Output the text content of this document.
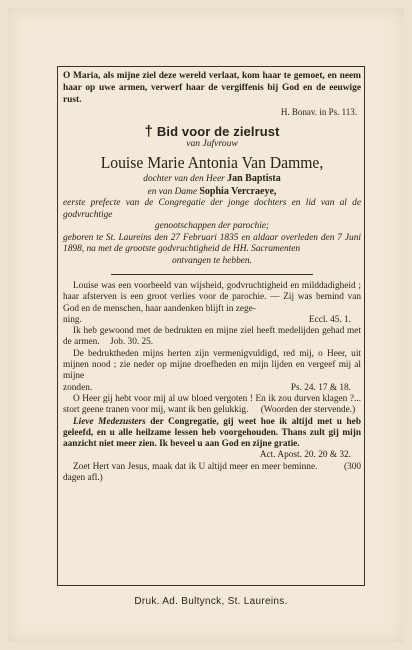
O Maria, als mijne ziel deze wereld verlaat, kom haar te gemoet, en neem haar op uwe armen, verwerf haar de vergiffenis bij God en de eeuwige rust.
H. Bonav. in Ps. 113.
† Bid voor de zielrust
van Jufvrouw
Louise Marie Antonia Van Damme,
dochter van den Heer Jan Baptista
en van Dame Sophia Vercraeye,
eerste prefecte van de Congregatie der jonge dochters en lid van al de godvruchtige
genootschappen der parochie;
geboren te St. Laureins den 27 Februari 1835 en aldaar overleden den 7 Juni 1898, na met de grootste godvruchtigheid de HH. Sacramenten
ontvangen te hebben.
Louise was een voorbeeld van wijsheid, godvruchtigheid en milddadigheid ; haar afsterven is een groot verlies voor de parochie. — Zij was bemind van God en de menschen, haar aandenken blijft in zege-
ning.	Eccl. 45. 1.
Ik heb gewoond met de bedrukten en mijne ziel heeft medelijden gehad met de armen. Job. 30. 25.
De bedruktheden mijns herten zijn vermenigvuldigd, red mij, o Heer, uit mijnen nood ; zie neder op mijne droefheden en mijn lijden en vergeef mij al mijne
zonden.	Ps. 24. 17 & 18.
O Heer gij hebt voor mij al uw bloed vergoten ! En ik zou durven klagen ?... stort geene tranen voor mij, want ik ben gelukkig. (Woorden der stervende.)
Lieve Medezusters der Congregatie, gij weet hoe ik altijd met u heb geleefd, en u alle heilzame lessen heb voorgehouden. Thans zult gij mijn aanzicht niet meer zien. Ik beveel u aan God en zijne gratie.
Act. Apost. 20. 20 & 32.
Zoet Hert van Jesus, maak dat ik U altijd meer en meer beminne.	(300 dagen afl.)
Druk. Ad. Bultynck, St. Laureins.
